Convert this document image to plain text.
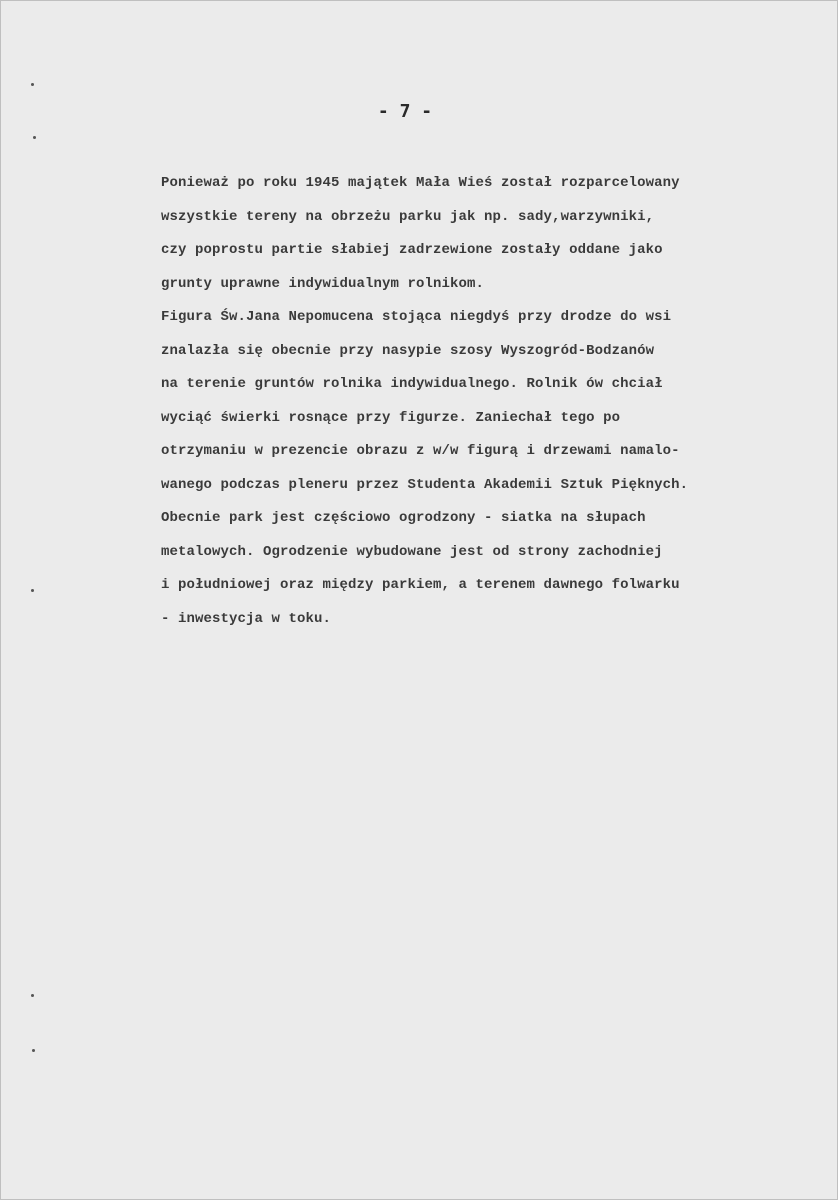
- 7 -
Ponieważ po roku 1945 majątek Mała Wieś został rozparcelowany
wszystkie tereny na obrzeżu parku jak np. sady,warzywniki,
czy poprostu partie słabiej zadrzewione zostały oddane jako
grunty uprawne indywidualnym rolnikom.
Figura Św.Jana Nepomucena stojąca niegdyś przy drodze do wsi
znalazła się obecnie przy nasypie szosy Wyszogród-Bodzanów
na terenie gruntów rolnika indywidualnego. Rolnik ów chciał
wyciąć świerki rosnące przy figurze. Zaniechał tego po
otrzymaniu w prezencie obrazu z w/w figurą i drzewami namalo-
wanego podczas pleneru przez Studenta Akademii Sztuk Pięknych.
Obecnie park jest częściowo ogrodzony - siatka na słupach
metalowych. Ogrodzenie wybudowane jest od strony zachodniej
i południowej oraz między parkiem, a terenem dawnego folwarku
- inwestycja w toku.
